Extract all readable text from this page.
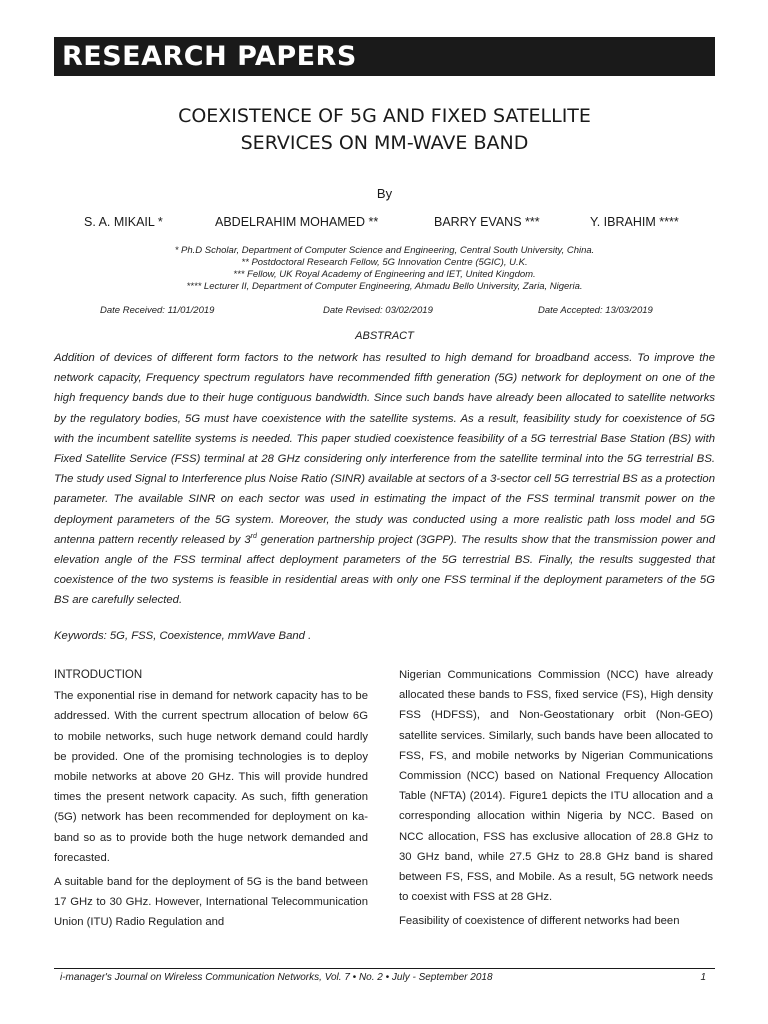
RESEARCH PAPERS
COEXISTENCE OF 5G AND FIXED SATELLITE
SERVICES ON MM-WAVE BAND
By
S. A. MIKAIL *	ABDELRAHIM MOHAMED **	BARRY EVANS ***	Y. IBRAHIM ****
* Ph.D Scholar, Department of Computer Science and Engineering, Central South University, China.
** Postdoctoral Research Fellow, 5G Innovation Centre (5GIC), U.K.
*** Fellow, UK Royal Academy of Engineering and IET, United Kingdom.
**** Lecturer II, Department of Computer Engineering, Ahmadu Bello University, Zaria, Nigeria.
Date Received: 11/01/2019	Date Revised: 03/02/2019	Date Accepted: 13/03/2019
ABSTRACT
Addition of devices of different form factors to the network has resulted to high demand for broadband access. To improve the network capacity, Frequency spectrum regulators have recommended fifth generation (5G) network for deployment on one of the high frequency bands due to their huge contiguous bandwidth. Since such bands have already been allocated to satellite networks by the regulatory bodies, 5G must have coexistence with the satellite systems. As a result, feasibility study for coexistence of 5G with the incumbent satellite systems is needed. This paper studied coexistence feasibility of a 5G terrestrial Base Station (BS) with Fixed Satellite Service (FSS) terminal at 28 GHz considering only interference from the satellite terminal into the 5G terrestrial BS. The study used Signal to Interference plus Noise Ratio (SINR) available at sectors of a 3-sector cell 5G terrestrial BS as a protection parameter. The available SINR on each sector was used in estimating the impact of the FSS terminal transmit power on the deployment parameters of the 5G system. Moreover, the study was conducted using a more realistic path loss model and 5G antenna pattern recently released by 3rd generation partnership project (3GPP). The results show that the transmission power and elevation angle of the FSS terminal affect deployment parameters of the 5G terrestrial BS. Finally, the results suggested that coexistence of the two systems is feasible in residential areas with only one FSS terminal if the deployment parameters of the 5G BS are carefully selected.
Keywords: 5G, FSS, Coexistence, mmWave Band .
INTRODUCTION

The exponential rise in demand for network capacity has to be addressed. With the current spectrum allocation of below 6G to mobile networks, such huge network demand could hardly be provided. One of the promising technologies is to deploy mobile networks at above 20 GHz. This will provide hundred times the present network capacity. As such, fifth generation (5G) network has been recommended for deployment on ka-band so as to provide both the huge network demanded and forecasted.

A suitable band for the deployment of 5G is the band between 17 GHz to 30 GHz. However, International Telecommunication Union (ITU) Radio Regulation and

Nigerian Communications Commission (NCC) have already allocated these bands to FSS, fixed service (FS), High density FSS (HDFSS), and Non-Geostationary orbit (Non-GEO) satellite services. Similarly, such bands have been allocated to FSS, FS, and mobile networks by Nigerian Communications Commission (NCC) based on National Frequency Allocation Table (NFTA) (2014). Figure1 depicts the ITU allocation and a corresponding allocation within Nigeria by NCC. Based on NCC allocation, FSS has exclusive allocation of 28.8 GHz to 30 GHz band, while 27.5 GHz to 28.8 GHz band is shared between FS, FSS, and Mobile. As a result, 5G network needs to coexist with FSS at 28 GHz.

Feasibility of coexistence of different networks had been

i-manager's Journal on Wireless Communication Networks, Vol. 7 • No. 2 • July - September 2018	1
